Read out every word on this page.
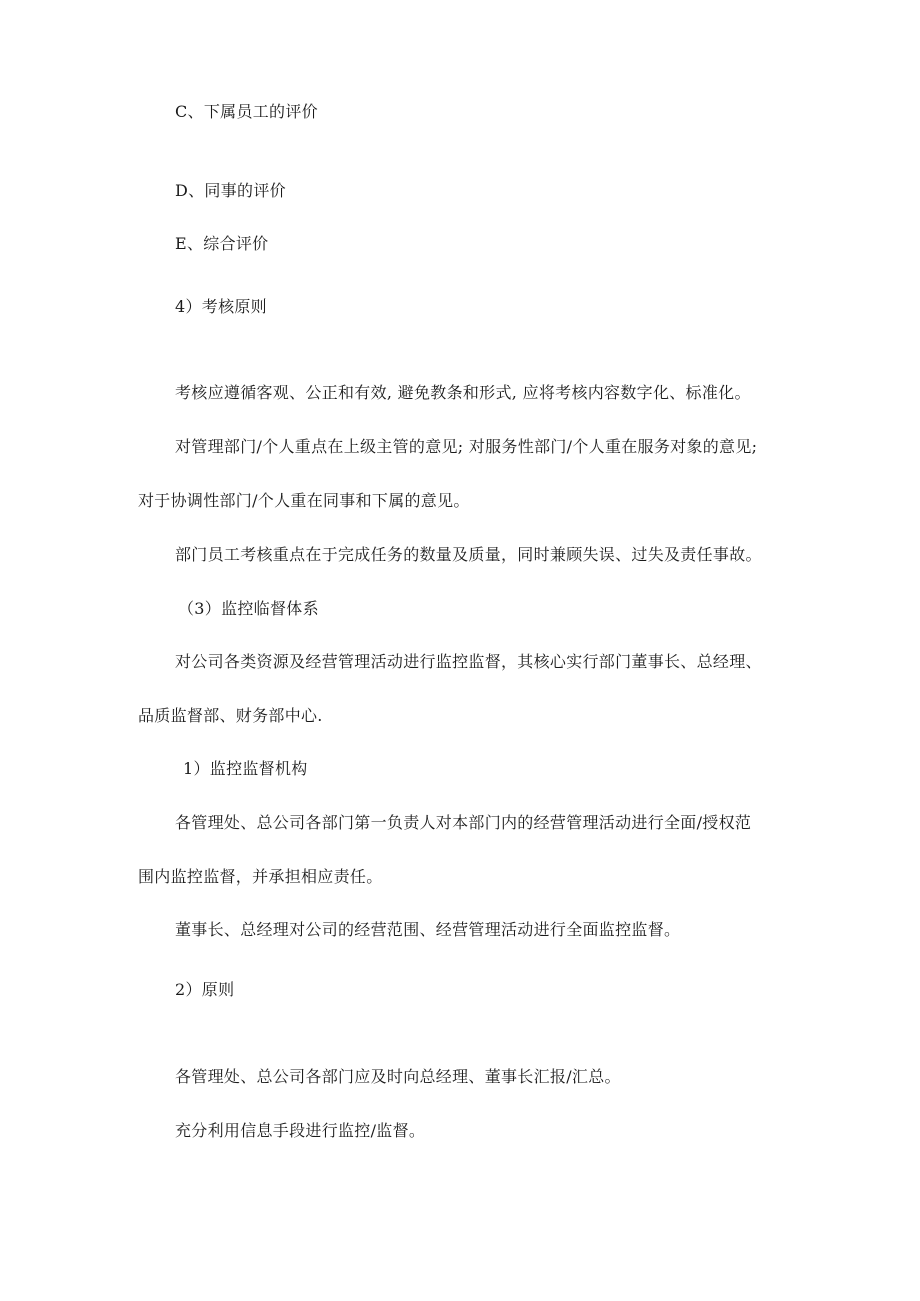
C、下属员工的评价
D、同事的评价
E、综合评价
4）考核原则
考核应遵循客观、公正和有效, 避免教条和形式, 应将考核内容数字化、标准化。
对管理部门/个人重点在上级主管的意见; 对服务性部门/个人重在服务对象的意见;
对于协调性部门/个人重在同事和下属的意见。
部门员工考核重点在于完成任务的数量及质量，同时兼顾失误、过失及责任事故。
（3）监控临督体系
对公司各类资源及经营管理活动进行监控监督，其核心实行部门董事长、总经理、
品质监督部、财务部中心.
1）监控监督机构
各管理处、总公司各部门第一负责人对本部门内的经营管理活动进行全面/授权范
围内监控监督，并承担相应责任。
董事长、总经理对公司的经营范围、经营管理活动进行全面监控监督。
2）原则
各管理处、总公司各部门应及时向总经理、董事长汇报/汇总。
充分利用信息手段进行监控/监督。
